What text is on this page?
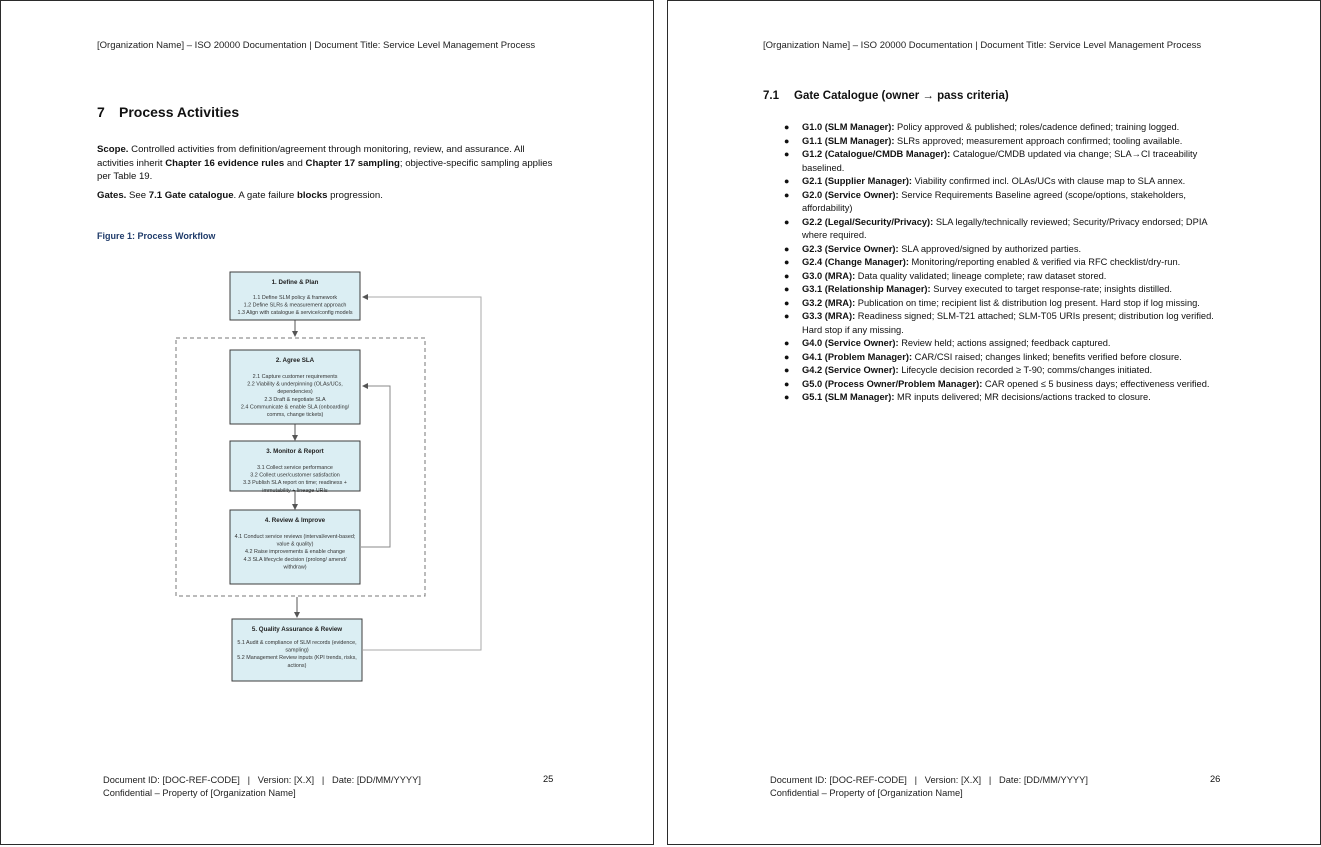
[Organization Name] – ISO 20000 Documentation | Document Title: Service Level Management Process
7 Process Activities
Scope. Controlled activities from definition/agreement through monitoring, review, and assurance. All activities inherit Chapter 16 evidence rules and Chapter 17 sampling; objective-specific sampling applies per Table 19.
Gates. See 7.1 Gate catalogue. A gate failure blocks progression.
Figure 1: Process Workflow
1. Define & Plan
1.1 Define SLM policy & framework
1.2 Define SLRs & measurement approach
1.3 Align with catalogue & service/config models
2. Agree SLA
2.1 Capture customer requirements
2.2 Viability & underpinning (OLAs/UCs,
dependencies)
2.3 Draft & negotiate SLA
2.4 Communicate & enable SLA (onboarding/
comms, change tickets)
3. Monitor & Report
3.1 Collect service performance
3.2 Collect user/customer satisfaction
3.3 Publish SLA report on time; readiness +
immutability + lineage URIs
4. Review & Improve
4.1 Conduct service reviews (interval/event-based;
value & quality)
4.2 Raise improvements & enable change
4.3 SLA lifecycle decision (prolong/ amend/
withdraw)
5. Quality Assurance & Review
5.1 Audit & compliance of SLM records (evidence,
sampling)
5.2 Management Review inputs (KPI trends, risks,
actions)
Document ID: [DOC-REF-CODE]   |   Version: [X.X]   |   Date: [DD/MM/YYYY]
Confidential – Property of [Organization Name]
25
[Organization Name] – ISO 20000 Documentation | Document Title: Service Level Management Process
7.1 Gate Catalogue (owner → pass criteria)
● G1.0 (SLM Manager): Policy approved & published; roles/cadence defined; training logged.
● G1.1 (SLM Manager): SLRs approved; measurement approach confirmed; tooling available.
● G1.2 (Catalogue/CMDB Manager): Catalogue/CMDB updated via change; SLA→CI traceability baselined.
● G2.1 (Supplier Manager): Viability confirmed incl. OLAs/UCs with clause map to SLA annex.
● G2.0 (Service Owner): Service Requirements Baseline agreed (scope/options, stakeholders, affordability)
● G2.2 (Legal/Security/Privacy): SLA legally/technically reviewed; Security/Privacy endorsed; DPIA where required.
● G2.3 (Service Owner): SLA approved/signed by authorized parties.
● G2.4 (Change Manager): Monitoring/reporting enabled & verified via RFC checklist/dry-run.
● G3.0 (MRA): Data quality validated; lineage complete; raw dataset stored.
● G3.1 (Relationship Manager): Survey executed to target response-rate; insights distilled.
● G3.2 (MRA): Publication on time; recipient list & distribution log present. Hard stop if log missing.
● G3.3 (MRA): Readiness signed; SLM-T21 attached; SLM-T05 URIs present; distribution log verified. Hard stop if any missing.
● G4.0 (Service Owner): Review held; actions assigned; feedback captured.
● G4.1 (Problem Manager): CAR/CSI raised; changes linked; benefits verified before closure.
● G4.2 (Service Owner): Lifecycle decision recorded ≥ T-90; comms/changes initiated.
● G5.0 (Process Owner/Problem Manager): CAR opened ≤ 5 business days; effectiveness verified.
● G5.1 (SLM Manager): MR inputs delivered; MR decisions/actions tracked to closure.
Document ID: [DOC-REF-CODE]   |   Version: [X.X]   |   Date: [DD/MM/YYYY]
Confidential – Property of [Organization Name]
26
